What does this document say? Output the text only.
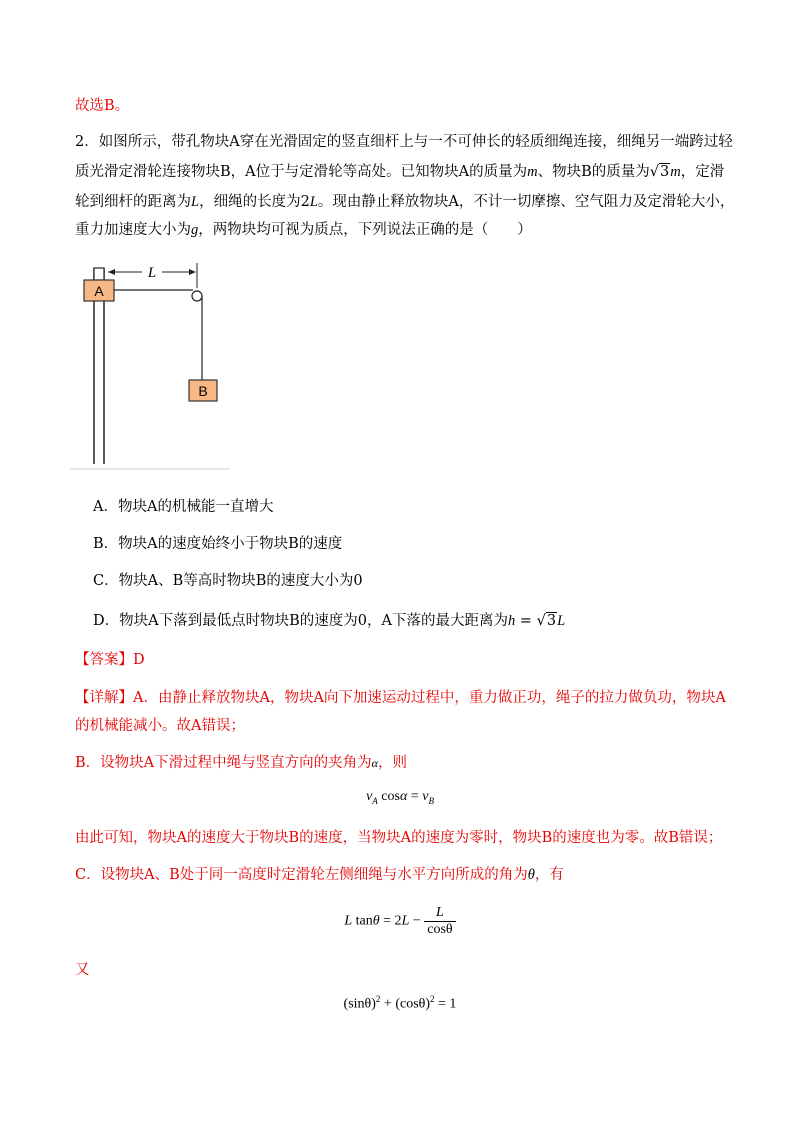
故选B。
2．如图所示，带孔物块A穿在光滑固定的竖直细杆上与一不可伸长的轻质细绳连接，细绳另一端跨过轻
质光滑定滑轮连接物块B，A位于与定滑轮等高处。已知物块A的质量为m、物块B的质量为√3m，定滑
轮到细杆的距离为L，细绳的长度为2L。现由静止释放物块A，不计一切摩擦、空气阻力及定滑轮大小，
重力加速度大小为g，两物块均可视为质点，下列说法正确的是（　　）
A
B
L
A．物块A的机械能一直增大
B．物块A的速度始终小于物块B的速度
C．物块A、B等高时物块B的速度大小为0
D．物块A下落到最低点时物块B的速度为0，A下落的最大距离为h = √3L
【答案】D
【详解】A．由静止释放物块A，物块A向下加速运动过程中，重力做正功，绳子的拉力做负功，物块A
的机械能减小。故A错误；
B．设物块A下滑过程中绳与竖直方向的夹角为α，则
$v_A$ $\cos\alpha = v_B$
由此可知，物块A的速度大于物块B的速度，当物块A的速度为零时，物块B的速度也为零。故B错误；
C．设物块A、B处于同一高度时定滑轮左侧细绳与水平方向所成的角为θ，有
L $\tan\theta = 2L - \frac{L}{\cos\theta}$
又
$(\sin\theta)^2 + (\cos\theta)^2 = 1$
